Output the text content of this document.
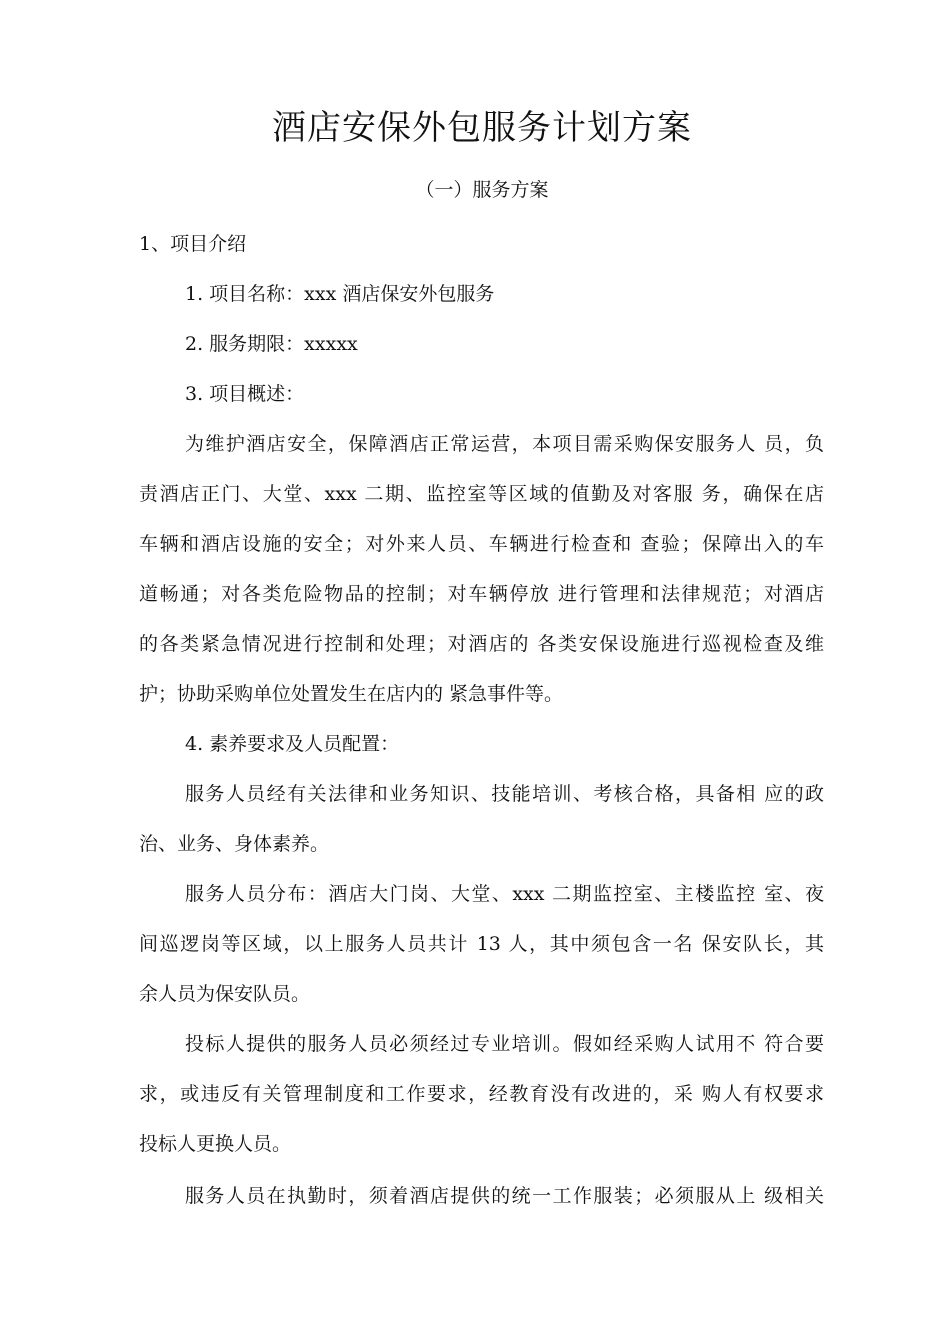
酒店安保外包服务计划方案
（一）服务方案
1、项目介绍
1. 项目名称：xxx 酒店保安外包服务
2. 服务期限：xxxxx
3. 项目概述：
为维护酒店安全，保障酒店正常运营，本项目需采购保安服务人 员，负
责酒店正门、大堂、xxx 二期、监控室等区域的值勤及对客服 务，确保在店
车辆和酒店设施的安全；对外来人员、车辆进行检查和 查验；保障出入的车
道畅通；对各类危险物品的控制；对车辆停放 进行管理和法律规范；对酒店
的各类紧急情况进行控制和处理；对酒店的 各类安保设施进行巡视检查及维
护；协助采购单位处置发生在店内的 紧急事件等。
4. 素养要求及人员配置：
服务人员经有关法律和业务知识、技能培训、考核合格，具备相 应的政
治、业务、身体素养。
服务人员分布：酒店大门岗、大堂、xxx 二期监控室、主楼监控 室、夜
间巡逻岗等区域，以上服务人员共计 13 人，其中须包含一名 保安队长，其
余人员为保安队员。
投标人提供的服务人员必须经过专业培训。假如经采购人试用不 符合要
求，或违反有关管理制度和工作要求，经教育没有改进的，采 购人有权要求
投标人更换人员。
服务人员在执勤时，须着酒店提供的统一工作服装；必须服从上 级相关
